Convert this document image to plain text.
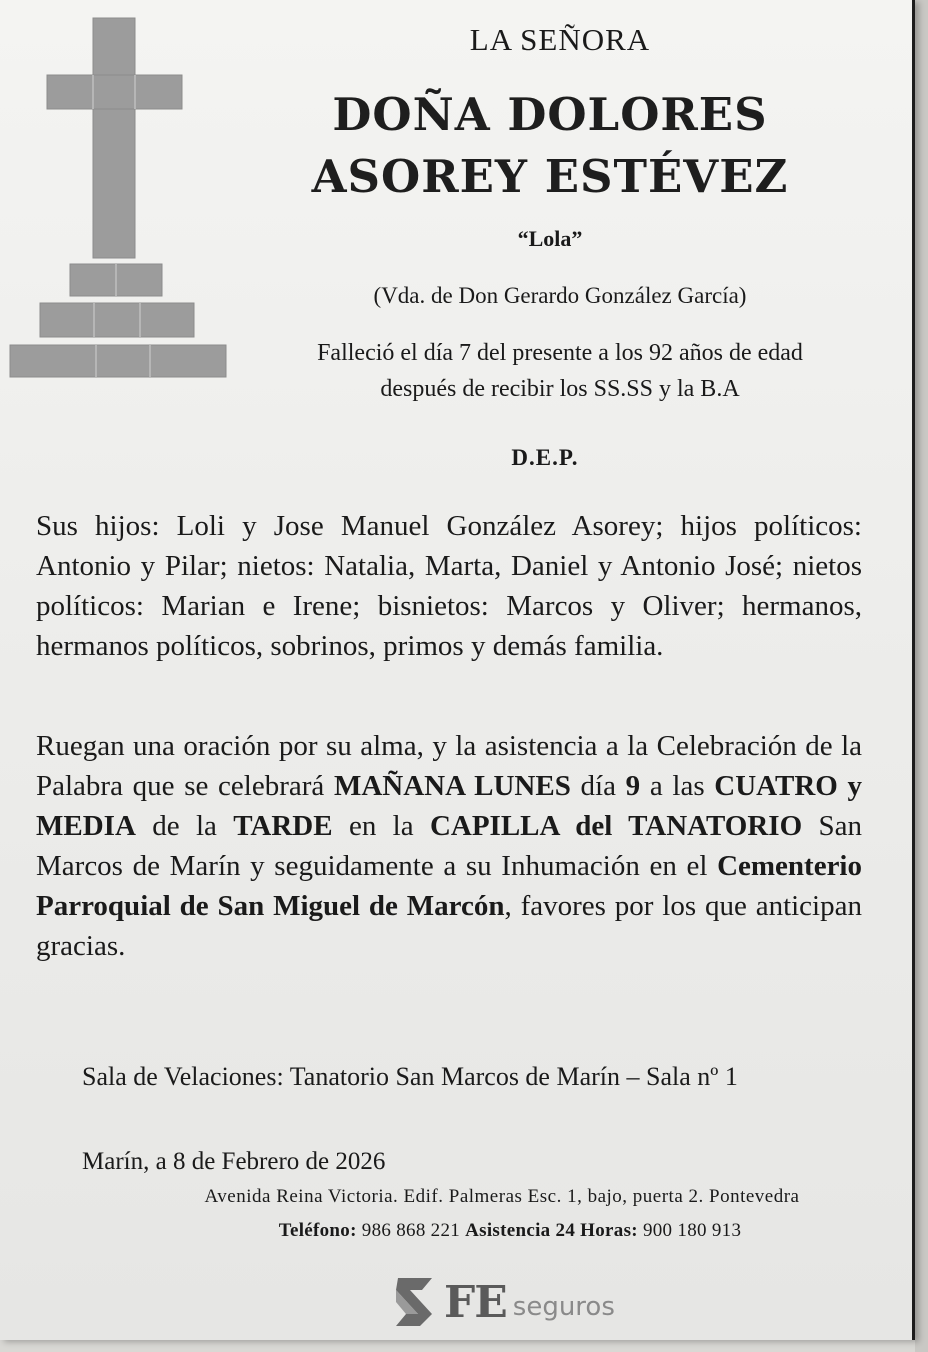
LA SEÑORA
DOÑA DOLORES
ASOREY ESTÉVEZ
“Lola”
(Vda. de Don Gerardo González García)
Falleció el día 7 del presente a los 92 años de edad
después de recibir los SS.SS y la B.A
D.E.P.
Sus hijos: Loli y Jose Manuel González Asorey; hijos políticos: Antonio y Pilar; nietos: Natalia, Marta, Daniel y Antonio José; nietos políticos: Marian e Irene; bisnietos: Marcos y Oliver; hermanos, hermanos políticos, sobrinos, primos y demás familia.
Ruegan una oración por su alma, y la asistencia a la Celebración de la Palabra que se celebrará MAÑANA LUNES día 9 a las CUATRO y MEDIA de la TARDE en la CAPILLA del TANATORIO San Marcos de Marín y seguidamente a su Inhumación en el Cementerio Parroquial de San Miguel de Marcón, favores por los que anticipan gracias.
Sala de Velaciones: Tanatorio San Marcos de Marín – Sala nº 1
Marín, a 8 de Febrero de 2026
Avenida Reina Victoria. Edif. Palmeras Esc. 1, bajo, puerta 2. Pontevedra
Teléfono: 986 868 221 Asistencia 24 Horas: 900 180 913
FE seguros
